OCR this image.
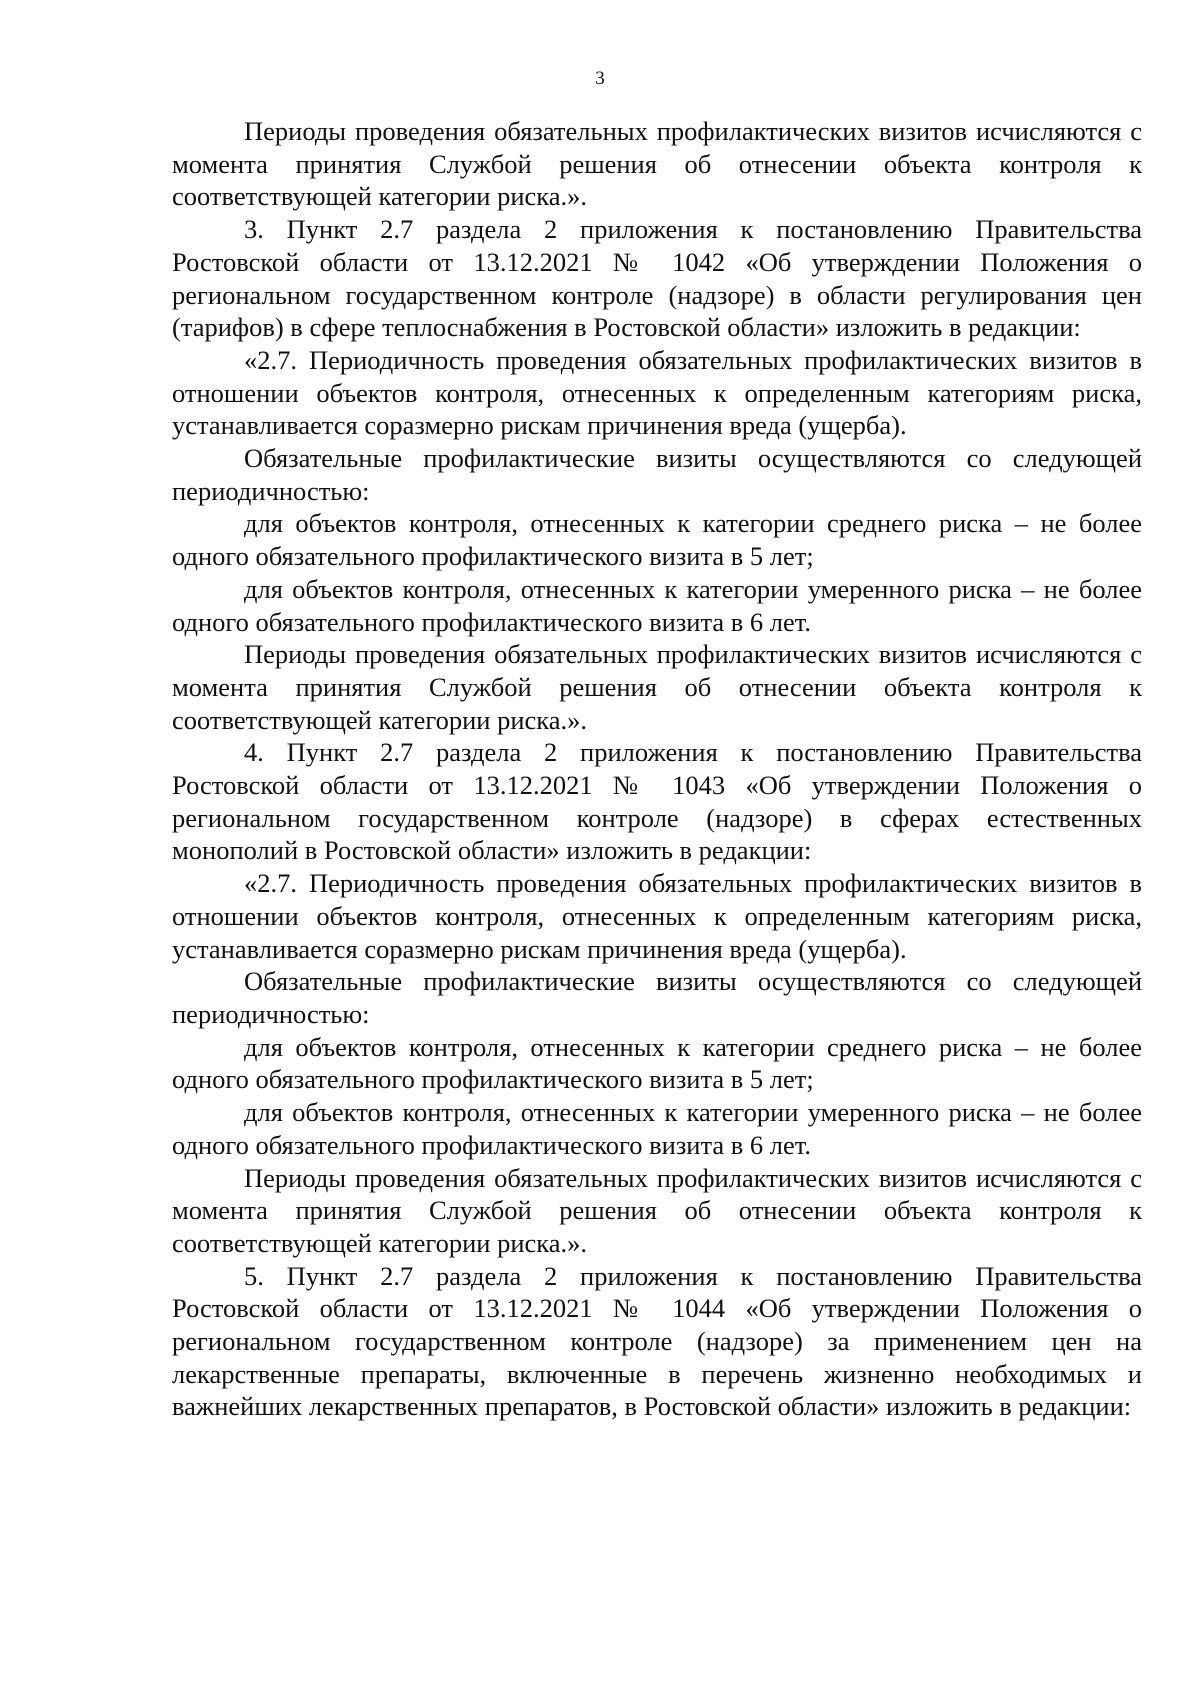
3

Периоды проведения обязательных профилактических визитов исчисляются с момента принятия Службой решения об отнесении объекта контроля к соответствующей категории риска.».

3. Пункт 2.7 раздела 2 приложения к постановлению Правительства Ростовской области от 13.12.2021 № 1042 «Об утверждении Положения о региональном государственном контроле (надзоре) в области регулирования цен (тарифов) в сфере теплоснабжения в Ростовской области» изложить в редакции:

«2.7. Периодичность проведения обязательных профилактических визитов в отношении объектов контроля, отнесенных к определенным категориям риска, устанавливается соразмерно рискам причинения вреда (ущерба).

Обязательные профилактические визиты осуществляются со следующей периодичностью:

для объектов контроля, отнесенных к категории среднего риска – не более одного обязательного профилактического визита в 5 лет;

для объектов контроля, отнесенных к категории умеренного риска – не более одного обязательного профилактического визита в 6 лет.

Периоды проведения обязательных профилактических визитов исчисляются с момента принятия Службой решения об отнесении объекта контроля к соответствующей категории риска.».

4. Пункт 2.7 раздела 2 приложения к постановлению Правительства Ростовской области от 13.12.2021 № 1043 «Об утверждении Положения о региональном государственном контроле (надзоре) в сферах естественных монополий в Ростовской области» изложить в редакции:

«2.7. Периодичность проведения обязательных профилактических визитов в отношении объектов контроля, отнесенных к определенным категориям риска, устанавливается соразмерно рискам причинения вреда (ущерба).

Обязательные профилактические визиты осуществляются со следующей периодичностью:

для объектов контроля, отнесенных к категории среднего риска – не более одного обязательного профилактического визита в 5 лет;

для объектов контроля, отнесенных к категории умеренного риска – не более одного обязательного профилактического визита в 6 лет.

Периоды проведения обязательных профилактических визитов исчисляются с момента принятия Службой решения об отнесении объекта контроля к соответствующей категории риска.».

5. Пункт 2.7 раздела 2 приложения к постановлению Правительства Ростовской области от 13.12.2021 № 1044 «Об утверждении Положения о региональном государственном контроле (надзоре) за применением цен на лекарственные препараты, включенные в перечень жизненно необходимых и важнейших лекарственных препаратов, в Ростовской области» изложить в редакции:
